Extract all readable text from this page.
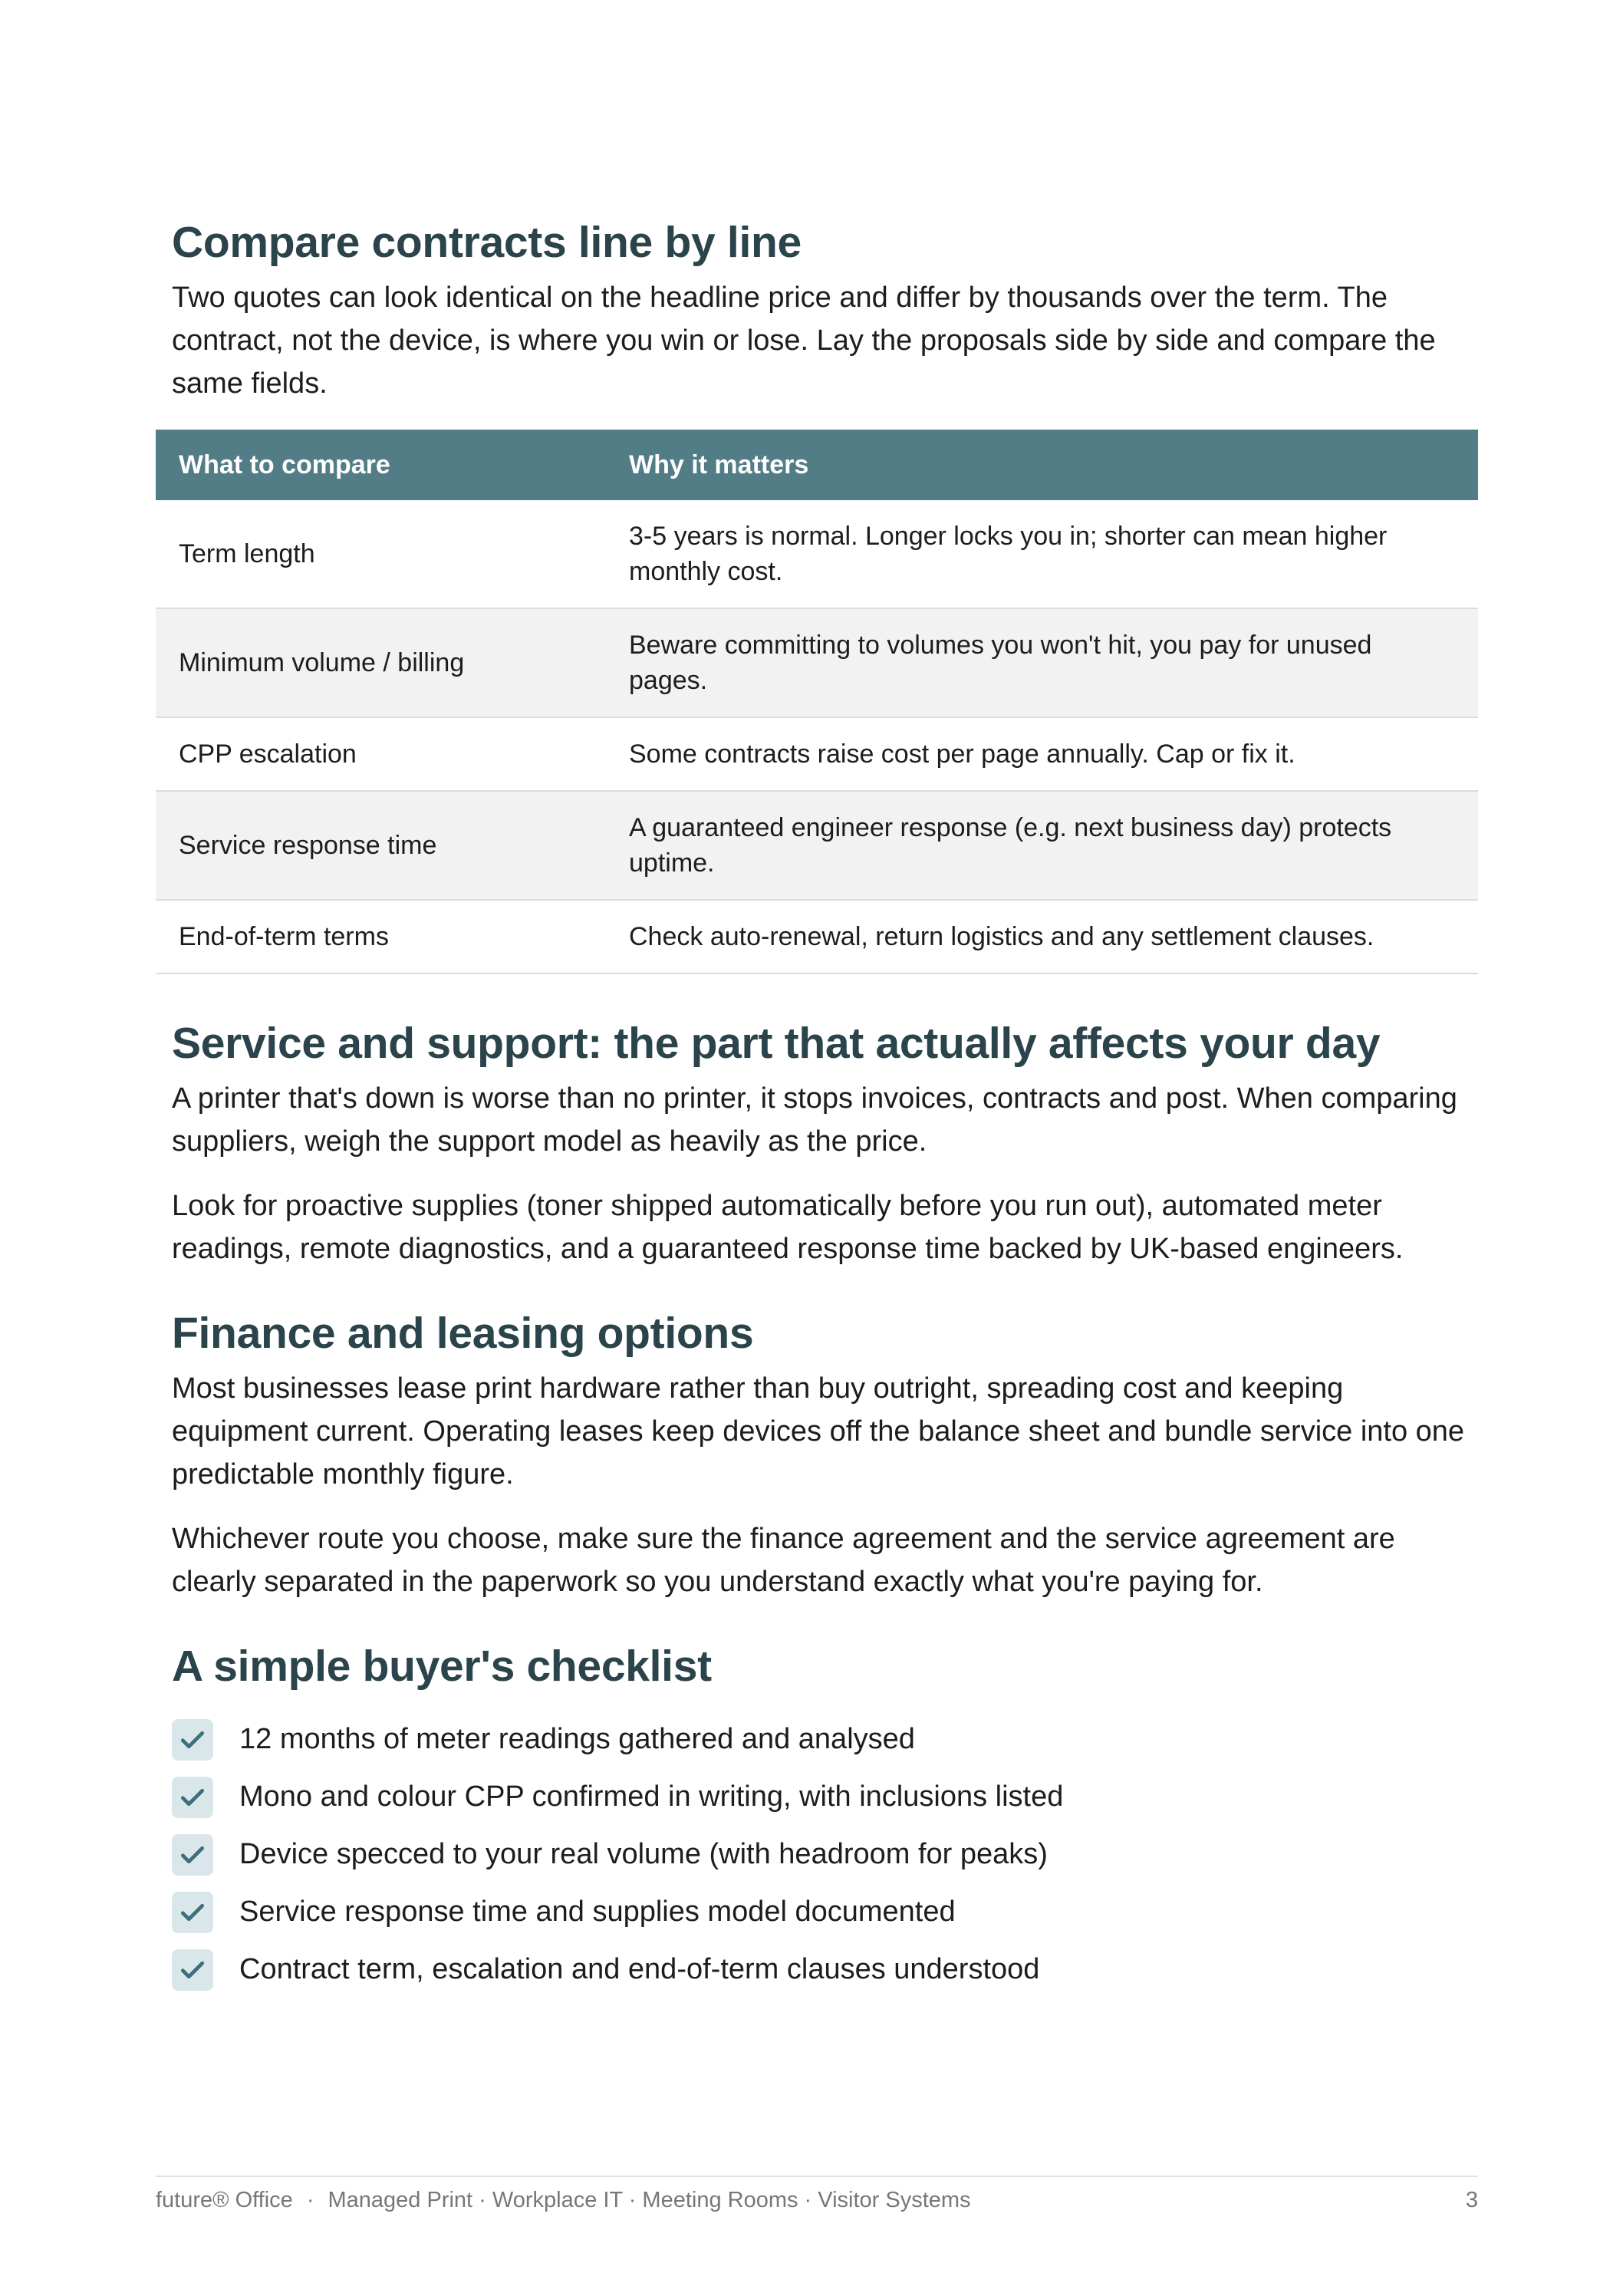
Compare contracts line by line

Two quotes can look identical on the headline price and differ by thousands over the term. The contract, not the device, is where you win or lose. Lay the proposals side by side and compare the same fields.

What to compare	Why it matters
Term length	3-5 years is normal. Longer locks you in; shorter can mean higher monthly cost.
Minimum volume / billing	Beware committing to volumes you won't hit, you pay for unused pages.
CPP escalation	Some contracts raise cost per page annually. Cap or fix it.
Service response time	A guaranteed engineer response (e.g. next business day) protects uptime.
End-of-term terms	Check auto-renewal, return logistics and any settlement clauses.
Service and support: the part that actually affects your day

A printer that's down is worse than no printer, it stops invoices, contracts and post. When comparing suppliers, weigh the support model as heavily as the price.

Look for proactive supplies (toner shipped automatically before you run out), automated meter readings, remote diagnostics, and a guaranteed response time backed by UK-based engineers.

Finance and leasing options

Most businesses lease print hardware rather than buy outright, spreading cost and keeping equipment current. Operating leases keep devices off the balance sheet and bundle service into one predictable monthly figure.

Whichever route you choose, make sure the finance agreement and the service agreement are clearly separated in the paperwork so you understand exactly what you're paying for.

A simple buyer's checklist
12 months of meter readings gathered and analysed
Mono and colour CPP confirmed in writing, with inclusions listed
Device specced to your real volume (with headroom for peaks)
Service response time and supplies model documented
Contract term, escalation and end-of-term clauses understood
future® Office · Managed Print · Workplace IT · Meeting Rooms · Visitor Systems	3
